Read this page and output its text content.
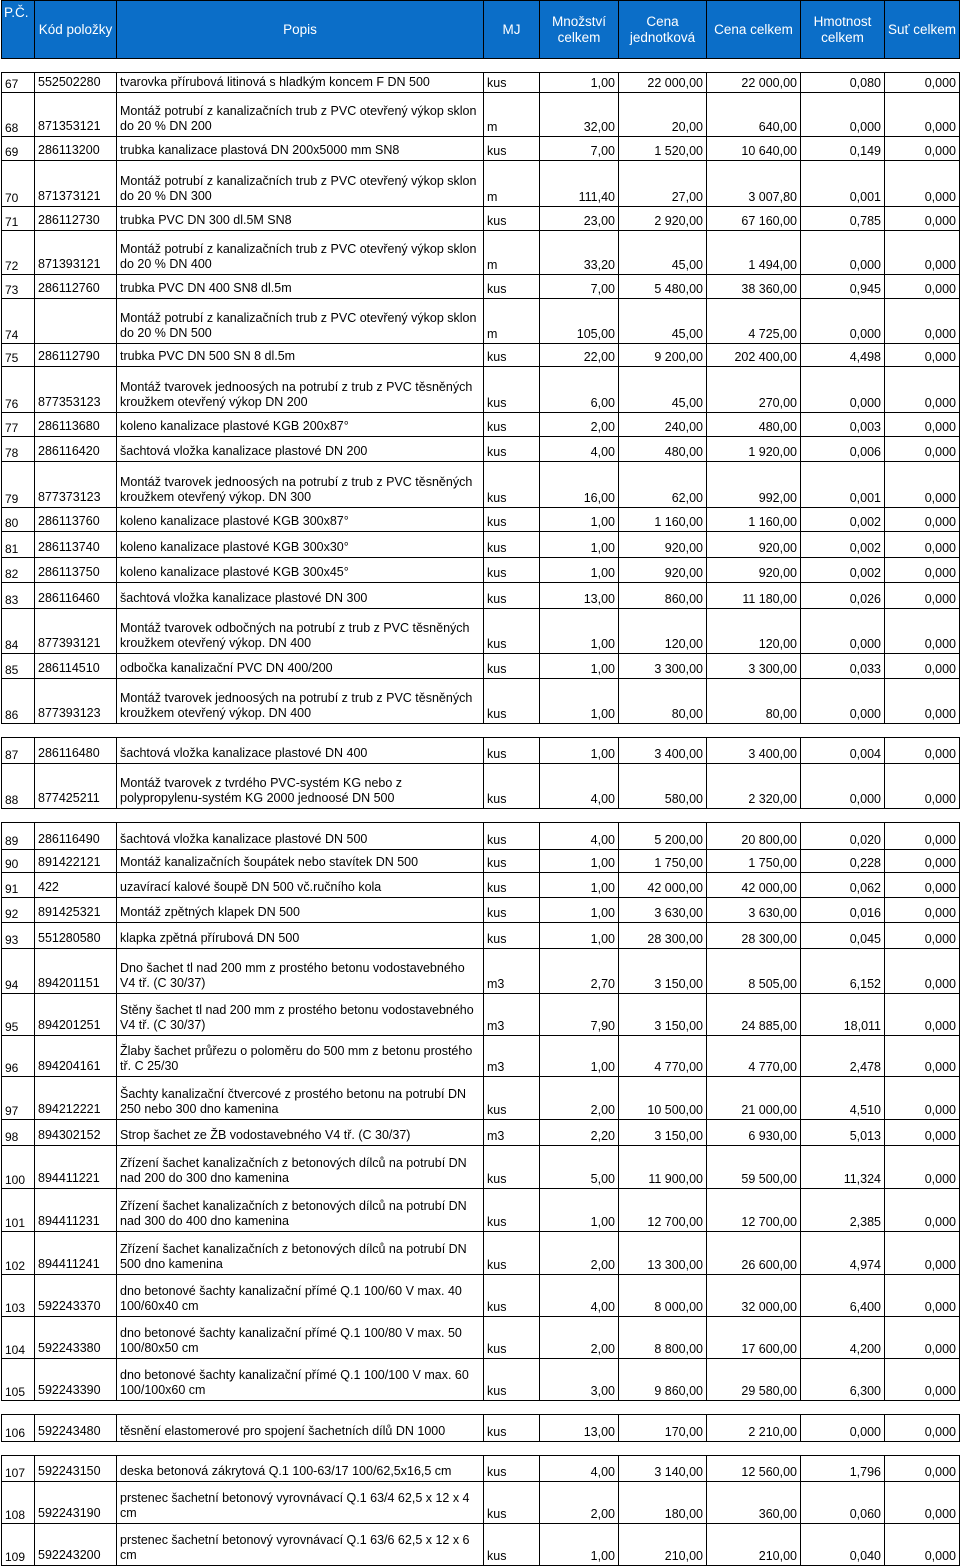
P.Č.	Kód položky	Popis	MJ	Množství celkem	Cena jednotková	Cena celkem	Hmotnost celkem	Suť celkem

67	552502280	tvarovka přírubová litinová s hladkým koncem F DN 500	kus	1,00	22 000,00	22 000,00	0,080	0,000
68	871353121	Montáž potrubí z kanalizačních trub z PVC otevřený výkop sklon do 20 % DN 200	m	32,00	20,00	640,00	0,000	0,000
69	286113200	trubka kanalizace plastová DN 200x5000 mm SN8	kus	7,00	1 520,00	10 640,00	0,149	0,000
70	871373121	Montáž potrubí z kanalizačních trub z PVC otevřený výkop sklon do 20 % DN 300	m	111,40	27,00	3 007,80	0,001	0,000
71	286112730	trubka PVC DN 300 dl.5M SN8	kus	23,00	2 920,00	67 160,00	0,785	0,000
72	871393121	Montáž potrubí z kanalizačních trub z PVC otevřený výkop sklon do 20 % DN 400	m	33,20	45,00	1 494,00	0,000	0,000
73	286112760	trubka PVC DN 400 SN8 dl.5m	kus	7,00	5 480,00	38 360,00	0,945	0,000
74		Montáž potrubí z kanalizačních trub z PVC otevřený výkop sklon do 20 % DN 500	m	105,00	45,00	4 725,00	0,000	0,000
75	286112790	trubka PVC DN 500 SN 8 dl.5m	kus	22,00	9 200,00	202 400,00	4,498	0,000
76	877353123	Montáž tvarovek jednoosých na potrubí z trub z PVC těsněných kroužkem otevřený výkop DN 200	kus	6,00	45,00	270,00	0,000	0,000
77	286113680	koleno kanalizace plastové KGB 200x87°	kus	2,00	240,00	480,00	0,003	0,000
78	286116420	šachtová vložka kanalizace plastové DN 200	kus	4,00	480,00	1 920,00	0,006	0,000
79	877373123	Montáž tvarovek jednoosých na potrubí z trub z PVC těsněných kroužkem otevřený výkop. DN 300	kus	16,00	62,00	992,00	0,001	0,000
80	286113760	koleno kanalizace plastové KGB 300x87°	kus	1,00	1 160,00	1 160,00	0,002	0,000
81	286113740	koleno kanalizace plastové KGB 300x30°	kus	1,00	920,00	920,00	0,002	0,000
82	286113750	koleno kanalizace plastové KGB 300x45°	kus	1,00	920,00	920,00	0,002	0,000
83	286116460	šachtová vložka kanalizace plastové DN 300	kus	13,00	860,00	11 180,00	0,026	0,000
84	877393121	Montáž tvarovek odbočných na potrubí z trub z PVC těsněných kroužkem otevřený výkop. DN 400	kus	1,00	120,00	120,00	0,000	0,000
85	286114510	odbočka kanalizační PVC DN 400/200	kus	1,00	3 300,00	3 300,00	0,033	0,000
86	877393123	Montáž tvarovek jednoosých na potrubí z trub z PVC těsněných kroužkem otevřený výkop. DN 400	kus	1,00	80,00	80,00	0,000	0,000

87	286116480	šachtová vložka kanalizace plastové DN 400	kus	1,00	3 400,00	3 400,00	0,004	0,000
88	877425211	Montáž tvarovek z tvrdého PVC-systém KG nebo z polypropylenu-systém KG 2000 jednoosé DN 500	kus	4,00	580,00	2 320,00	0,000	0,000

89	286116490	šachtová vložka kanalizace plastové DN 500	kus	4,00	5 200,00	20 800,00	0,020	0,000
90	891422121	Montáž kanalizačních šoupátek nebo stavítek DN 500	kus	1,00	1 750,00	1 750,00	0,228	0,000
91	422	uzavírací kalové šoupě DN 500 vč.ručního kola	kus	1,00	42 000,00	42 000,00	0,062	0,000
92	891425321	Montáž zpětných klapek DN 500	kus	1,00	3 630,00	3 630,00	0,016	0,000
93	551280580	klapka zpětná přírubová DN 500	kus	1,00	28 300,00	28 300,00	0,045	0,000
94	894201151	Dno šachet tl nad 200 mm z prostého betonu vodostavebného V4 tř. (C 30/37)	m3	2,70	3 150,00	8 505,00	6,152	0,000
95	894201251	Stěny šachet tl nad 200 mm z prostého betonu vodostavebného V4 tř. (C 30/37)	m3	7,90	3 150,00	24 885,00	18,011	0,000
96	894204161	Žlaby šachet průřezu o poloměru do 500 mm z betonu prostého tř. C 25/30	m3	1,00	4 770,00	4 770,00	2,478	0,000
97	894212221	Šachty kanalizační čtvercové z prostého betonu na potrubí DN 250 nebo 300 dno kamenina	kus	2,00	10 500,00	21 000,00	4,510	0,000
98	894302152	Strop šachet ze ŽB vodostavebného V4 tř. (C 30/37)	m3	2,20	3 150,00	6 930,00	5,013	0,000
100	894411221	Zřízení šachet kanalizačních z betonových dílců na potrubí DN nad 200 do 300 dno kamenina	kus	5,00	11 900,00	59 500,00	11,324	0,000
101	894411231	Zřízení šachet kanalizačních z betonových dílců na potrubí DN nad 300 do 400 dno kamenina	kus	1,00	12 700,00	12 700,00	2,385	0,000
102	894411241	Zřízení šachet kanalizačních z betonových dílců na potrubí DN 500 dno kamenina	kus	2,00	13 300,00	26 600,00	4,974	0,000
103	592243370	dno betonové šachty kanalizační přímé Q.1 100/60 V max. 40 100/60x40 cm	kus	4,00	8 000,00	32 000,00	6,400	0,000
104	592243380	dno betonové šachty kanalizační přímé Q.1 100/80 V max. 50 100/80x50 cm	kus	2,00	8 800,00	17 600,00	4,200	0,000
105	592243390	dno betonové šachty kanalizační přímé Q.1 100/100 V max. 60 100/100x60 cm	kus	3,00	9 860,00	29 580,00	6,300	0,000

106	592243480	těsnění elastomerové pro spojení šachetních dílů DN 1000	kus	13,00	170,00	2 210,00	0,000	0,000

107	592243150	deska betonová zákrytová Q.1 100-63/17 100/62,5x16,5 cm	kus	4,00	3 140,00	12 560,00	1,796	0,000
108	592243190	prstenec šachetní betonový vyrovnávací Q.1 63/4 62,5 x 12 x 4 cm	kus	2,00	180,00	360,00	0,060	0,000
109	592243200	prstenec šachetní betonový vyrovnávací Q.1 63/6 62,5 x 12 x 6 cm	kus	1,00	210,00	210,00	0,040	0,000
